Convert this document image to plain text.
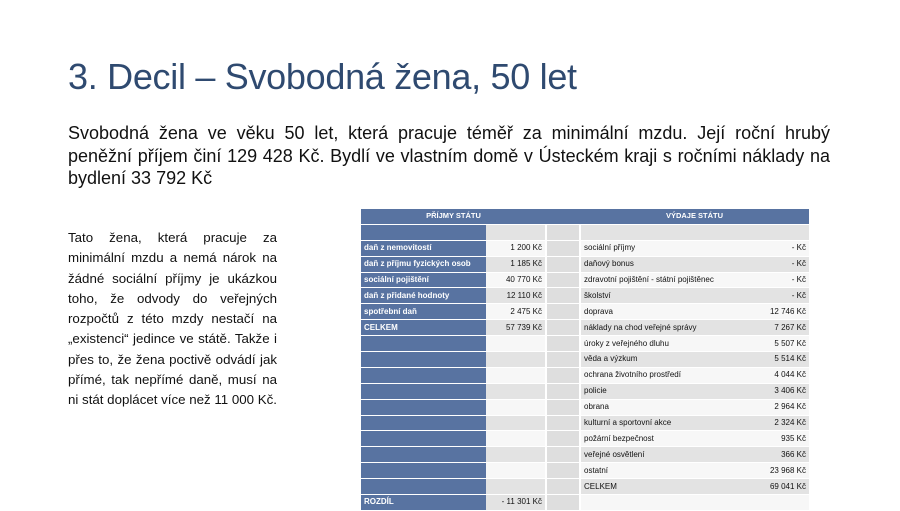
3. Decil – Svobodná žena, 50 let

Svobodná žena ve věku 50 let, která pracuje téměř za minimální mzdu. Její roční hrubý peněžní příjem činí 129 428 Kč. Bydlí ve vlastním domě v Ústeckém kraji s ročními náklady na bydlení 33 792 Kč

Tato žena, která pracuje za minimální mzdu a nemá nárok na žádné sociální příjmy je ukázkou toho, že odvody do veřejných rozpočtů z této mzdy nestačí na „existenci“ jedince ve státě. Takže i přes to, že žena poctivě odvádí jak přímé, tak nepřímé daně, musí na ni stát doplácet více než 11 000 Kč.

PŘÍJMY STÁTU			VÝDAJE STÁTU	

daň z nemovitostí	1 200 Kč		sociální příjmy	- Kč
daň z příjmu fyzických osob	1 185 Kč		daňový bonus	- Kč
sociální pojištění	40 770 Kč		zdravotní pojištění - státní pojištěnec	- Kč
daň z přidané hodnoty	12 110 Kč		školství	- Kč
spotřební daň	2 475 Kč		doprava	12 746 Kč
CELKEM	57 739 Kč		náklady na chod veřejné správy	7 267 Kč
			úroky z veřejného dluhu	5 507 Kč
			věda a výzkum	5 514 Kč
			ochrana životního prostředí	4 044 Kč
			policie	3 406 Kč
			obrana	2 964 Kč
			kulturní a sportovní akce	2 324 Kč
			požární bezpečnost	935 Kč
			veřejné osvětlení	366 Kč
			ostatní	23 968 Kč
			CELKEM	69 041 Kč
ROZDÍL	- 11 301 Kč			
